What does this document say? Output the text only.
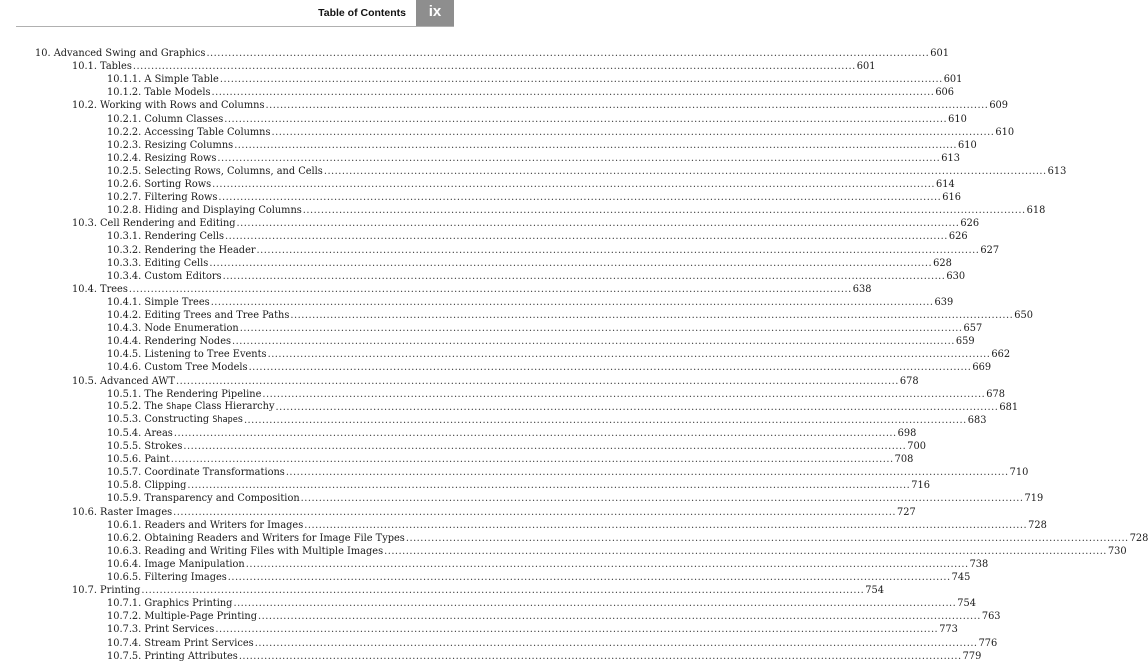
Table of Contents	ix
10. Advanced Swing and Graphics ........................................................................................................................................................................................................ 601
10.1. Tables ........................................................................................................................................................................................................ 601
10.1.1. A Simple Table ........................................................................................................................................................................................................ 601
10.1.2. Table Models ........................................................................................................................................................................................................ 606
10.2. Working with Rows and Columns ........................................................................................................................................................................................................ 609
10.2.1. Column Classes ........................................................................................................................................................................................................ 610
10.2.2. Accessing Table Columns ........................................................................................................................................................................................................ 610
10.2.3. Resizing Columns ........................................................................................................................................................................................................ 610
10.2.4. Resizing Rows ........................................................................................................................................................................................................ 613
10.2.5. Selecting Rows, Columns, and Cells ........................................................................................................................................................................................................ 613
10.2.6. Sorting Rows ........................................................................................................................................................................................................ 614
10.2.7. Filtering Rows ........................................................................................................................................................................................................ 616
10.2.8. Hiding and Displaying Columns ........................................................................................................................................................................................................ 618
10.3. Cell Rendering and Editing ........................................................................................................................................................................................................ 626
10.3.1. Rendering Cells ........................................................................................................................................................................................................ 626
10.3.2. Rendering the Header ........................................................................................................................................................................................................ 627
10.3.3. Editing Cells ........................................................................................................................................................................................................ 628
10.3.4. Custom Editors ........................................................................................................................................................................................................ 630
10.4. Trees ........................................................................................................................................................................................................ 638
10.4.1. Simple Trees ........................................................................................................................................................................................................ 639
10.4.2. Editing Trees and Tree Paths ........................................................................................................................................................................................................ 650
10.4.3. Node Enumeration ........................................................................................................................................................................................................ 657
10.4.4. Rendering Nodes ........................................................................................................................................................................................................ 659
10.4.5. Listening to Tree Events ........................................................................................................................................................................................................ 662
10.4.6. Custom Tree Models ........................................................................................................................................................................................................ 669
10.5. Advanced AWT ........................................................................................................................................................................................................ 678
10.5.1. The Rendering Pipeline ........................................................................................................................................................................................................ 678
10.5.2. The Shape Class Hierarchy ........................................................................................................................................................................................................ 681
10.5.3. Constructing Shapes ........................................................................................................................................................................................................ 683
10.5.4. Areas ........................................................................................................................................................................................................ 698
10.5.5. Strokes ........................................................................................................................................................................................................ 700
10.5.6. Paint ........................................................................................................................................................................................................ 708
10.5.7. Coordinate Transformations ........................................................................................................................................................................................................ 710
10.5.8. Clipping ........................................................................................................................................................................................................ 716
10.5.9. Transparency and Composition ........................................................................................................................................................................................................ 719
10.6. Raster Images ........................................................................................................................................................................................................ 727
10.6.1. Readers and Writers for Images ........................................................................................................................................................................................................ 728
10.6.2. Obtaining Readers and Writers for Image File Types ........................................................................................................................................................................................................ 728
10.6.3. Reading and Writing Files with Multiple Images ........................................................................................................................................................................................................ 730
10.6.4. Image Manipulation ........................................................................................................................................................................................................ 738
10.6.5. Filtering Images ........................................................................................................................................................................................................ 745
10.7. Printing ........................................................................................................................................................................................................ 754
10.7.1. Graphics Printing ........................................................................................................................................................................................................ 754
10.7.2. Multiple-Page Printing ........................................................................................................................................................................................................ 763
10.7.3. Print Services ........................................................................................................................................................................................................ 773
10.7.4. Stream Print Services ........................................................................................................................................................................................................ 776
10.7.5. Printing Attributes ........................................................................................................................................................................................................ 779
